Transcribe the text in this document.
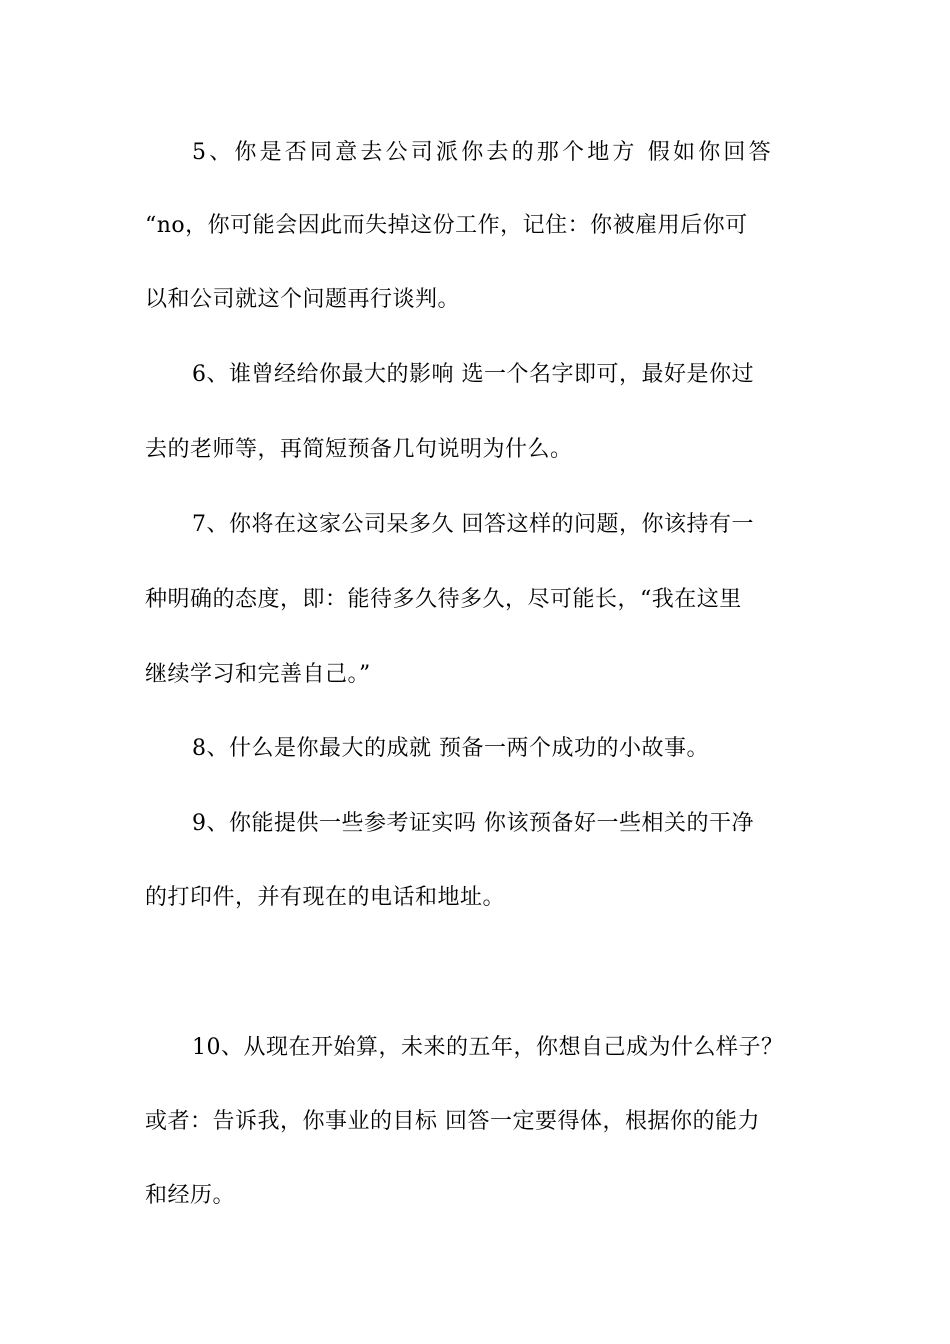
5、你是否同意去公司派你去的那个地方 假如你回答
“no，你可能会因此而失掉这份工作，记住：你被雇用后你可
以和公司就这个问题再行谈判。
6、谁曾经给你最大的影响 选一个名字即可，最好是你过
去的老师等，再简短预备几句说明为什么。
7、你将在这家公司呆多久 回答这样的问题，你该持有一
种明确的态度，即：能待多久待多久，尽可能长，“我在这里
继续学习和完善自己。”
8、什么是你最大的成就 预备一两个成功的小故事。
9、你能提供一些参考证实吗 你该预备好一些相关的干净
的打印件，并有现在的电话和地址。
10、从现在开始算，未来的五年，你想自己成为什么样子？
或者：告诉我，你事业的目标 回答一定要得体，根据你的能力
和经历。
